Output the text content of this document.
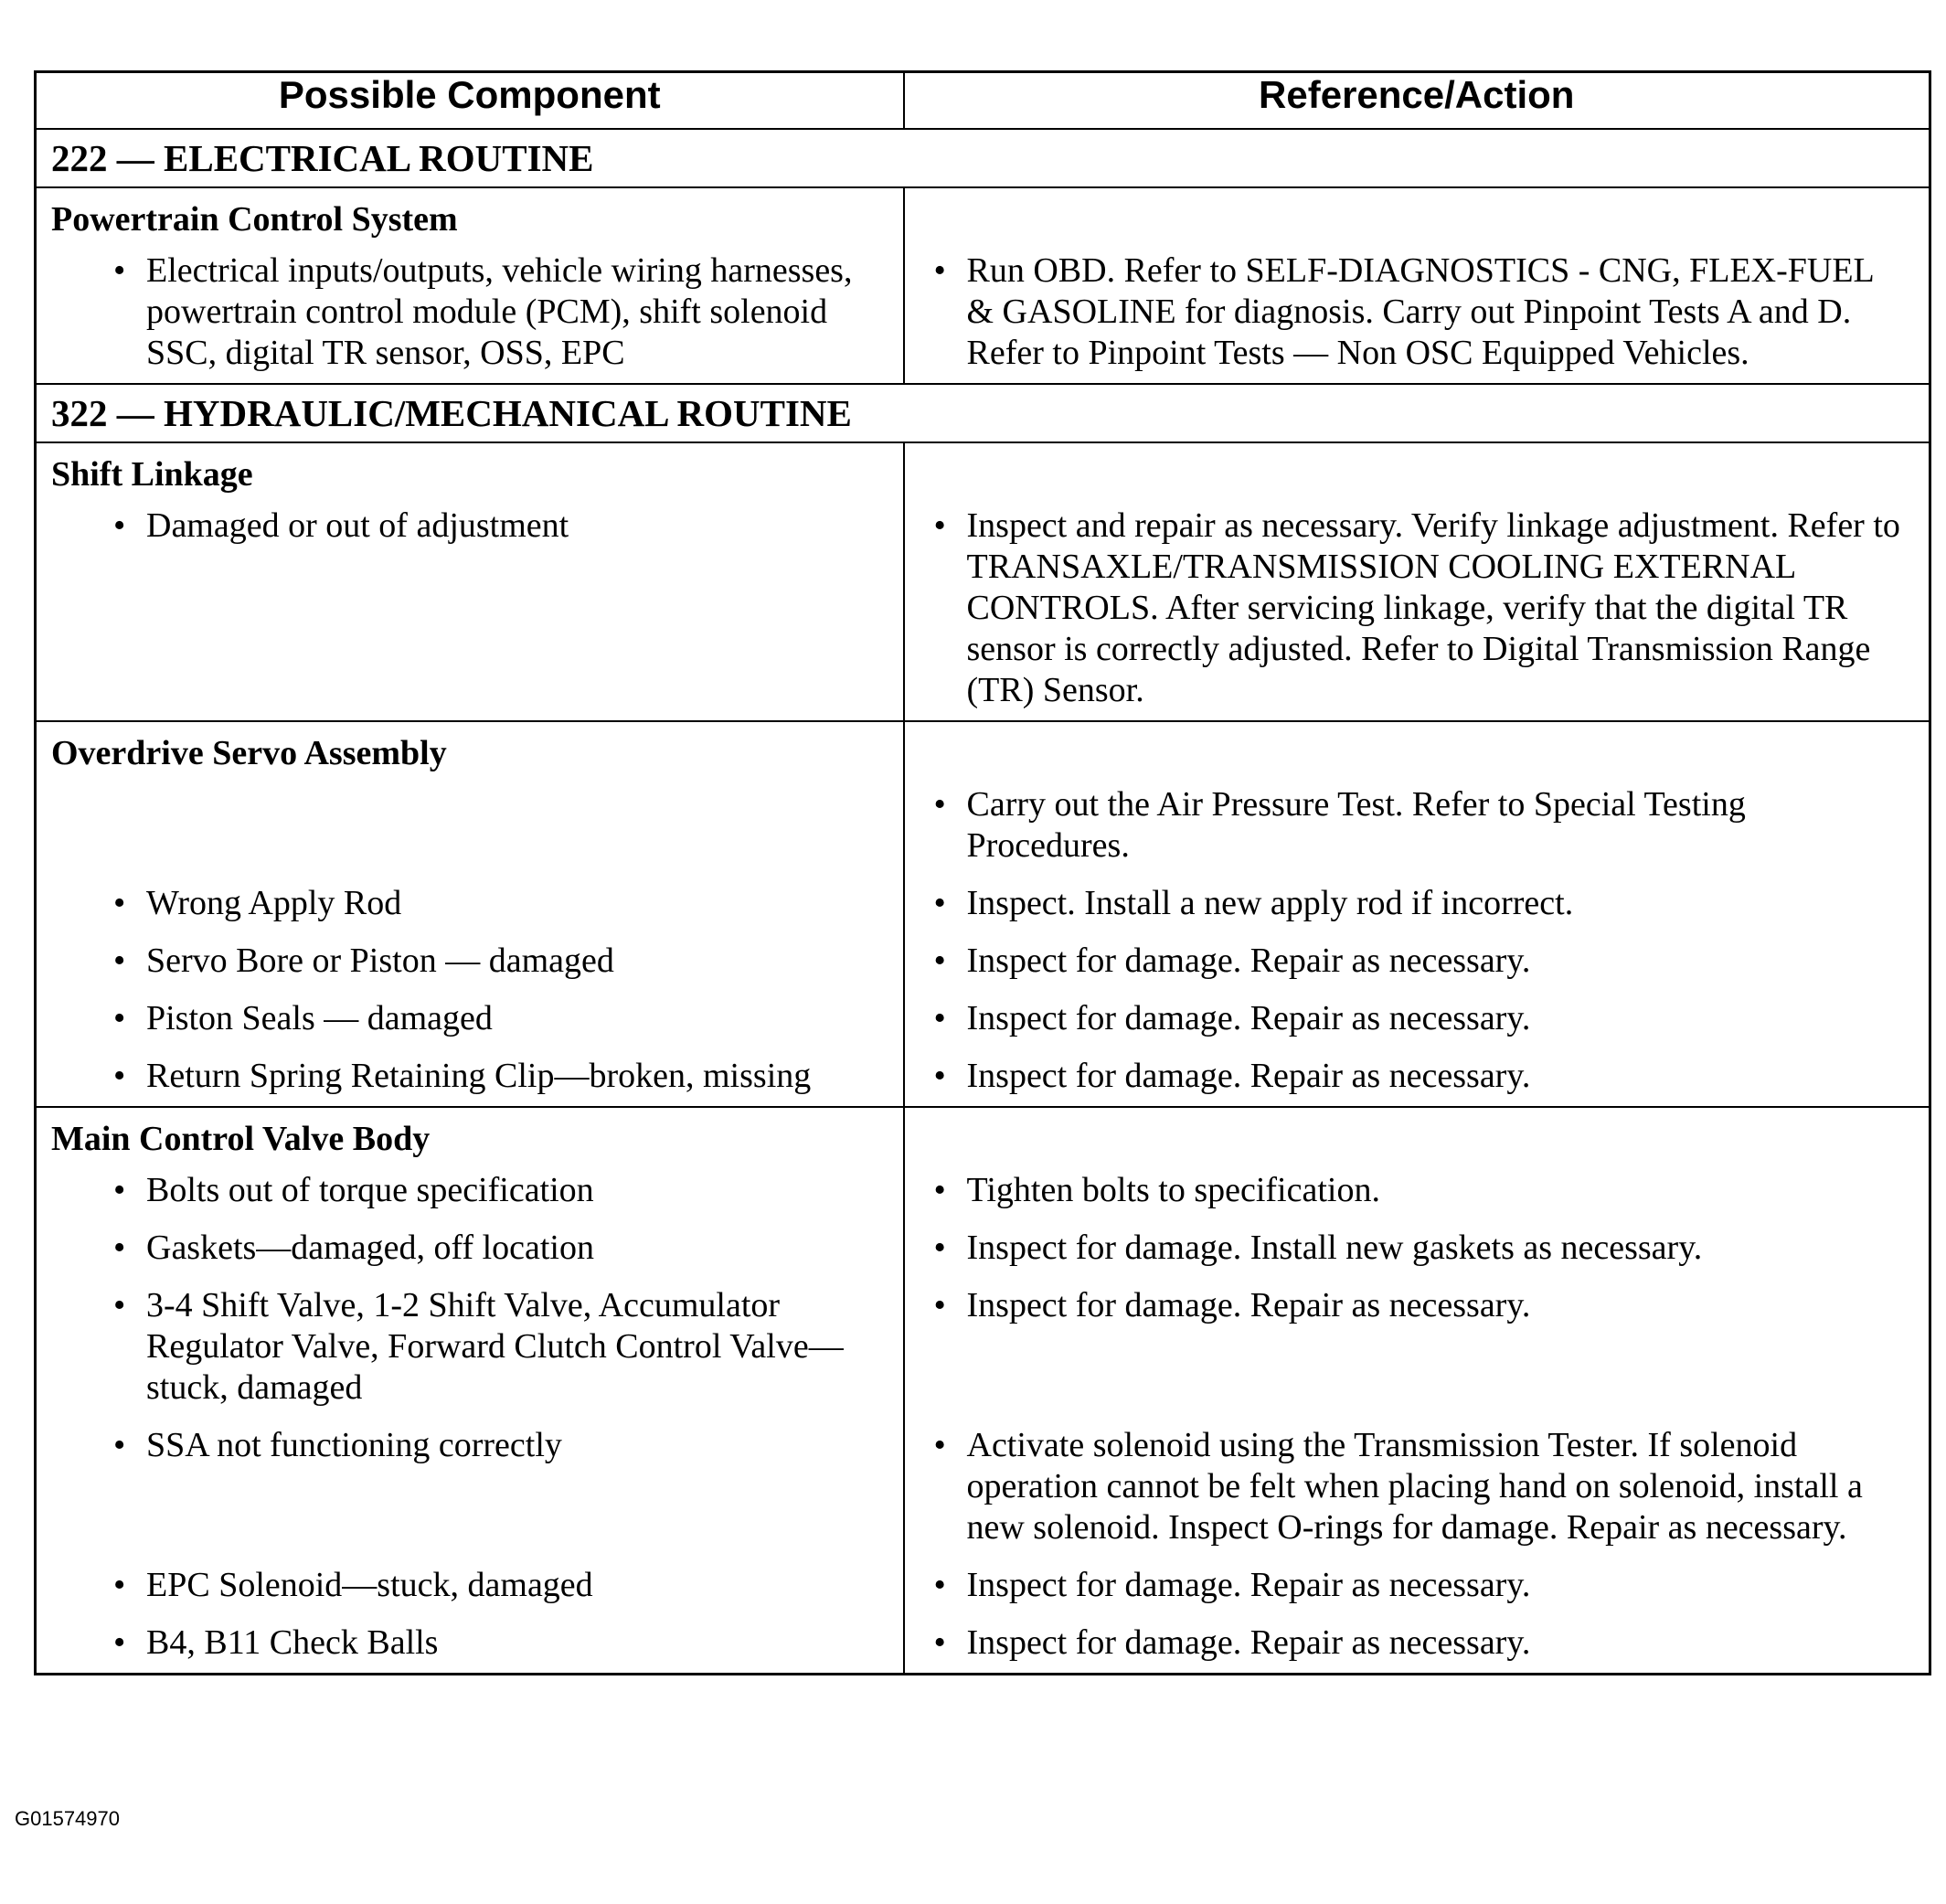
Possible Component	Reference/Action
222 — ELECTRICAL ROUTINE	
Powertrain Control System	

• Electrical inputs/outputs, vehicle wiring harnesses, powertrain control module (PCM), shift solenoid SSC, digital TR sensor, OSS, EPC	• Run OBD. Refer to SELF-DIAGNOSTICS - CNG, FLEX-FUEL & GASOLINE for diagnosis. Carry out Pinpoint Tests A and D. Refer to Pinpoint Tests — Non OSC Equipped Vehicles.

322 — HYDRAULIC/MECHANICAL ROUTINE	
Shift Linkage	

• Damaged or out of adjustment	• Inspect and repair as necessary. Verify linkage adjustment. Refer to TRANSAXLE/TRANSMISSION COOLING EXTERNAL CONTROLS. After servicing linkage, verify that the digital TR sensor is correctly adjusted. Refer to Digital Transmission Range (TR) Sensor.

Overdrive Servo Assembly	

	• Carry out the Air Pressure Test. Refer to Special Testing Procedures.

• Wrong Apply Rod	• Inspect. Install a new apply rod if incorrect.

• Servo Bore or Piston — damaged	• Inspect for damage. Repair as necessary.

• Piston Seals — damaged	• Inspect for damage. Repair as necessary.

• Return Spring Retaining Clip—broken, missing	• Inspect for damage. Repair as necessary.

Main Control Valve Body	

• Bolts out of torque specification	• Tighten bolts to specification.

• Gaskets—damaged, off location	• Inspect for damage. Install new gaskets as necessary.

• 3-4 Shift Valve, 1-2 Shift Valve, Accumulator Regulator Valve, Forward Clutch Control Valve—stuck, damaged	• Inspect for damage. Repair as necessary.

• SSA not functioning correctly	• Activate solenoid using the Transmission Tester. If solenoid operation cannot be felt when placing hand on solenoid, install a new solenoid. Inspect O-rings for damage. Repair as necessary.

• EPC Solenoid—stuck, damaged	• Inspect for damage. Repair as necessary.

• B4, B11 Check Balls	• Inspect for damage. Repair as necessary.
G01574970
